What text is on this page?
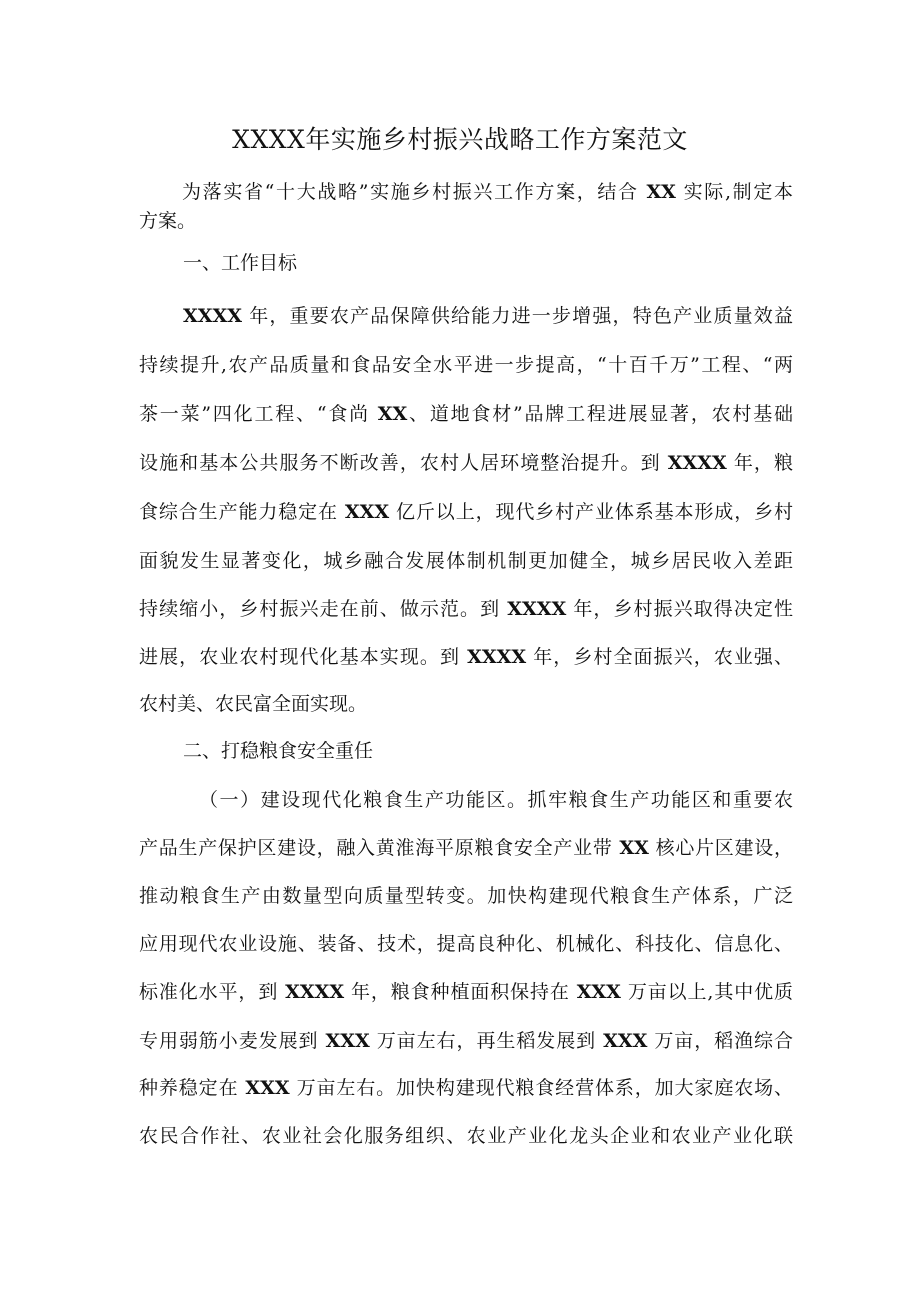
XXXX年实施乡村振兴战略工作方案范文
为落实省“十大战略”实施乡村振兴工作方案，结合 XX 实际,制定本
方案。
一、工作目标
XXXX 年，重要农产品保障供给能力进一步增强，特色产业质量效益
持续提升,农产品质量和食品安全水平进一步提高，“十百千万”工程、“两
茶一菜”四化工程、“食尚 XX、道地食材”品牌工程进展显著，农村基础
设施和基本公共服务不断改善，农村人居环境整治提升。到 XXXX 年，粮
食综合生产能力稳定在 XXX 亿斤以上，现代乡村产业体系基本形成，乡村
面貌发生显著变化，城乡融合发展体制机制更加健全，城乡居民收入差距
持续缩小，乡村振兴走在前、做示范。到 XXXX 年，乡村振兴取得决定性
进展，农业农村现代化基本实现。到 XXXX 年，乡村全面振兴，农业强、
农村美、农民富全面实现。
二、打稳粮食安全重任
（一）建设现代化粮食生产功能区。抓牢粮食生产功能区和重要农
产品生产保护区建设，融入黄淮海平原粮食安全产业带 XX 核心片区建设，
推动粮食生产由数量型向质量型转变。加快构建现代粮食生产体系，广泛
应用现代农业设施、装备、技术，提高良种化、机械化、科技化、信息化、
标准化水平，到 XXXX 年，粮食种植面积保持在 XXX 万亩以上,其中优质
专用弱筋小麦发展到 XXX 万亩左右，再生稻发展到 XXX 万亩，稻渔综合
种养稳定在 XXX 万亩左右。加快构建现代粮食经营体系，加大家庭农场、
农民合作社、农业社会化服务组织、农业产业化龙头企业和农业产业化联
